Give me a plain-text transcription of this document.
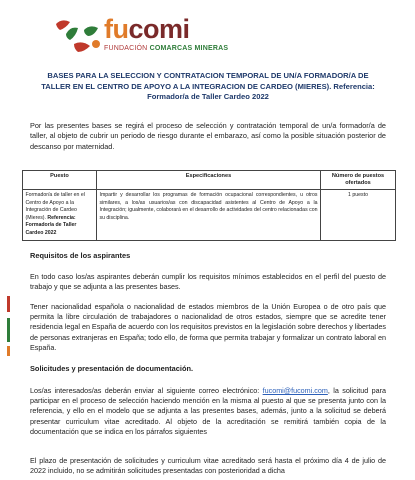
fucomi
FUNDACIÓN COMARCAS MINERAS
BASES PARA LA SELECCION Y CONTRATACION TEMPORAL DE UN/A FORMADOR/A DE TALLER EN EL CENTRO DE APOYO A LA INTEGRACION DE CARDEO (MIERES). Referencia: Formador/a de Taller Cardeo 2022
Por las presentes bases se regirá el proceso de selección y contratación temporal de un/a formador/a de taller, al objeto de cubrir un periodo de riesgo durante el embarazo, así como la posible situación posterior de descanso por maternidad.
Puesto	Especificaciones	Número de puestos ofertados
Formador/a de taller en el Centro de Apoyo a la Integración de Cardeo (Mieres). Referencia: Formador/a de Taller Cardeo 2022	Impartir y desarrollar los programas de formación ocupacional correspondientes, u otros similares, a los/as usuarios/as con discapacidad asistentes al Centro de Apoyo a la Integración; igualmente, colaborará en el desarrollo de actividades del centro relacionadas con su disciplina.	1 puesto
Requisitos de los aspirantes
En todo caso los/as aspirantes deberán cumplir los requisitos mínimos establecidos en el perfil del puesto de trabajo y que se adjunta a las presentes bases.
Tener nacionalidad española o nacionalidad de estados miembros de la Unión Europea o de otro país que permita la libre circulación de trabajadores o nacionalidad de otros estados, siempre que se acredite tener residencia legal en España de acuerdo con los requisitos previstos en la legislación sobre derechos y libertades de personas extranjeras en España; todo ello, de forma que permita trabajar y formalizar un contrato laboral en España.
Solicitudes y presentación de documentación.
Los/as interesados/as deberán enviar al siguiente correo electrónico: fucomi@fucomi.com, la solicitud para participar en el proceso de selección haciendo mención en la misma al puesto al que se presenta junto con la referencia, y ello en el modelo que se adjunta a las presentes bases, además, junto a la solicitud se deberá presentar curriculum vitae acreditado. Al objeto de la acreditación se remitirá también copia de la documentación que se indica en los párrafos siguientes
El plazo de presentación de solicitudes y curriculum vitae acreditado será hasta el próximo día 4 de julio de 2022 incluido, no se admitirán solicitudes presentadas con posterioridad a dicha
